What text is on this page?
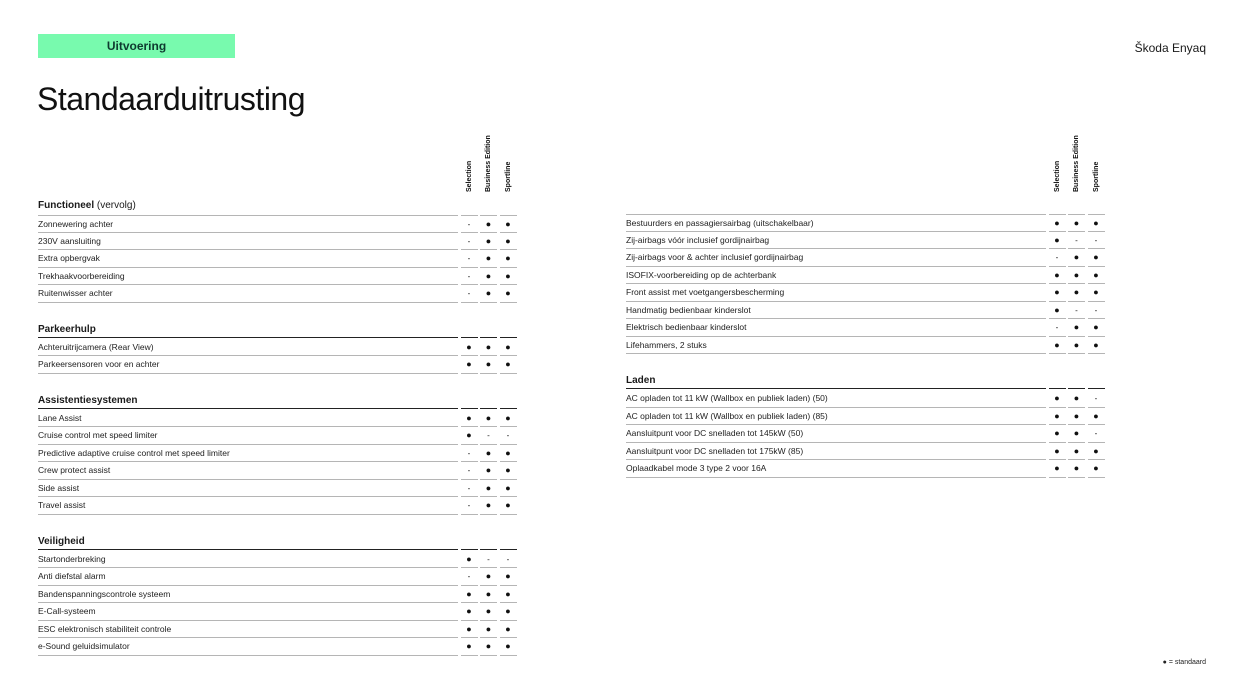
Uitvoering	Škoda Enyaq
Standaarduitrusting
Selection Business Edition Sportline	Selection Business Edition Sportline
Functioneel (vervolg)
Zonnewering achter	-	●	●
230V aansluiting	-	●	●
Extra opbergvak	-	●	●
Trekhaakvoorbereiding	-	●	●
Ruitenwisser achter	-	●	●
Parkeerhulp
Achteruitrijcamera (Rear View)	●	●	●
Parkeersensoren voor en achter	●	●	●
Assistentiesystemen
Lane Assist	●	●	●
Cruise control met speed limiter	●	-	-
Predictive adaptive cruise control met speed limiter	-	●	●
Crew protect assist	-	●	●
Side assist	-	●	●
Travel assist	-	●	●
Veiligheid
Startonderbreking	●	-	-
Anti diefstal alarm	-	●	●
Bandenspanningscontrole systeem	●	●	●
E-Call-systeem	●	●	●
ESC elektronisch stabiliteit controle	●	●	●
e-Sound geluidsimulator	●	●	●
Bestuurders en passagiersairbag (uitschakelbaar)	●	●	●
Zij-airbags vóór inclusief gordijnairbag	●	-	-
Zij-airbags voor & achter inclusief gordijnairbag	-	●	●
ISOFIX-voorbereiding op de achterbank	●	●	●
Front assist met voetgangersbescherming	●	●	●
Handmatig bedienbaar kinderslot	●	-	-
Elektrisch bedienbaar kinderslot	-	●	●
Lifehammers, 2 stuks	●	●	●
Laden
AC opladen tot 11 kW (Wallbox en publiek laden) (50)	●	●	-
AC opladen tot 11 kW (Wallbox en publiek laden) (85)	●	●	●
Aansluitpunt voor DC snelladen tot 145kW (50)	●	●	-
Aansluitpunt voor DC snelladen tot 175kW (85)	●	●	●
Oplaadkabel mode 3 type 2 voor 16A	●	●	●
● = standaard
